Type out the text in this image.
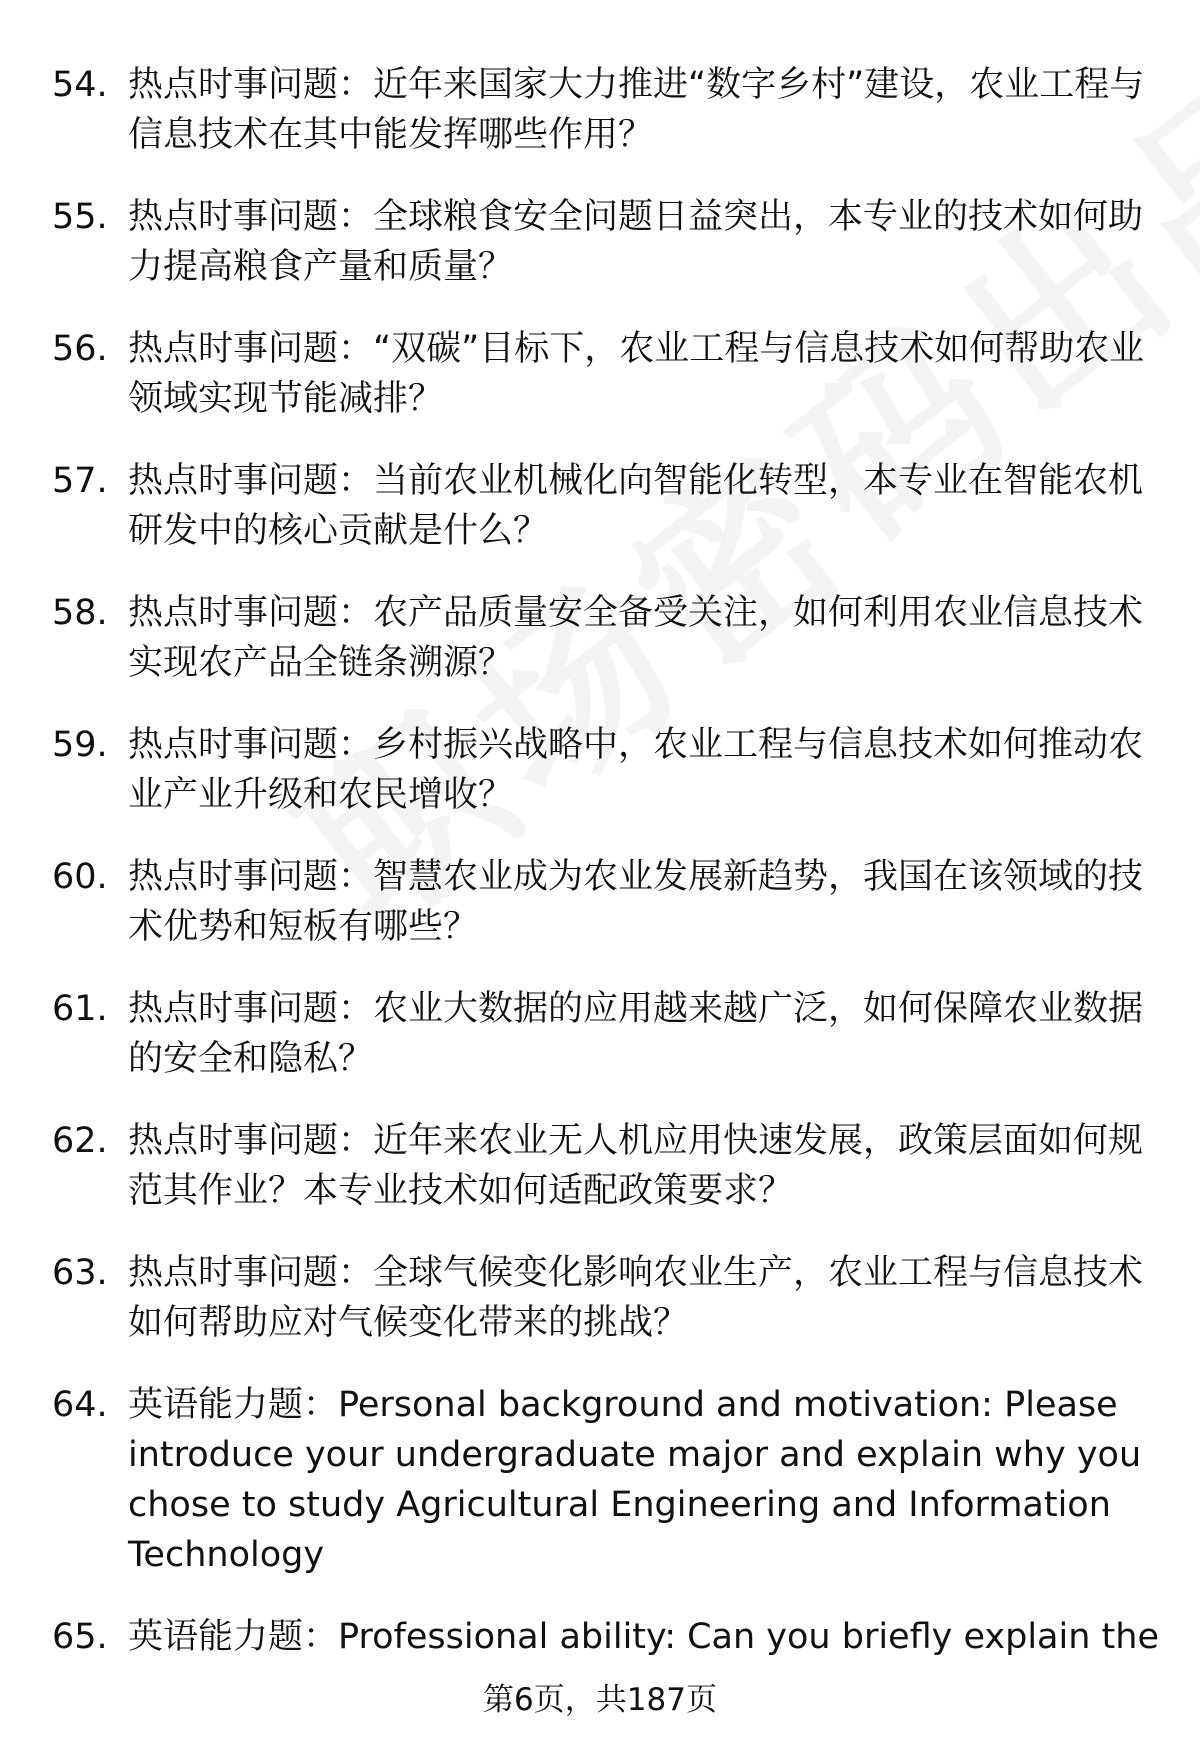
54. 热点时事问题：近年来国家大力推进“数字乡村”建设，农业工程与信息技术在其中能发挥哪些作用？
55. 热点时事问题：全球粮食安全问题日益突出，本专业的技术如何助力提高粮食产量和质量？
56. 热点时事问题：“双碳”目标下，农业工程与信息技术如何帮助农业领域实现节能减排？
57. 热点时事问题：当前农业机械化向智能化转型，本专业在智能农机研发中的核心贡献是什么？
58. 热点时事问题：农产品质量安全备受关注，如何利用农业信息技术实现农产品全链条溯源？
59. 热点时事问题：乡村振兴战略中，农业工程与信息技术如何推动农业产业升级和农民增收？
60. 热点时事问题：智慧农业成为农业发展新趋势，我国在该领域的技术优势和短板有哪些？
61. 热点时事问题：农业大数据的应用越来越广泛，如何保障农业数据的安全和隐私？
62. 热点时事问题：近年来农业无人机应用快速发展，政策层面如何规范其作业？本专业技术如何适配政策要求？
63. 热点时事问题：全球气候变化影响农业生产，农业工程与信息技术如何帮助应对气候变化带来的挑战？
64. 英语能力题：Personal background and motivation: Please introduce your undergraduate major and explain why you chose to study Agricultural Engineering and Information Technology
65. 英语能力题：Professional ability: Can you briefly explain the
第6页，共187页
